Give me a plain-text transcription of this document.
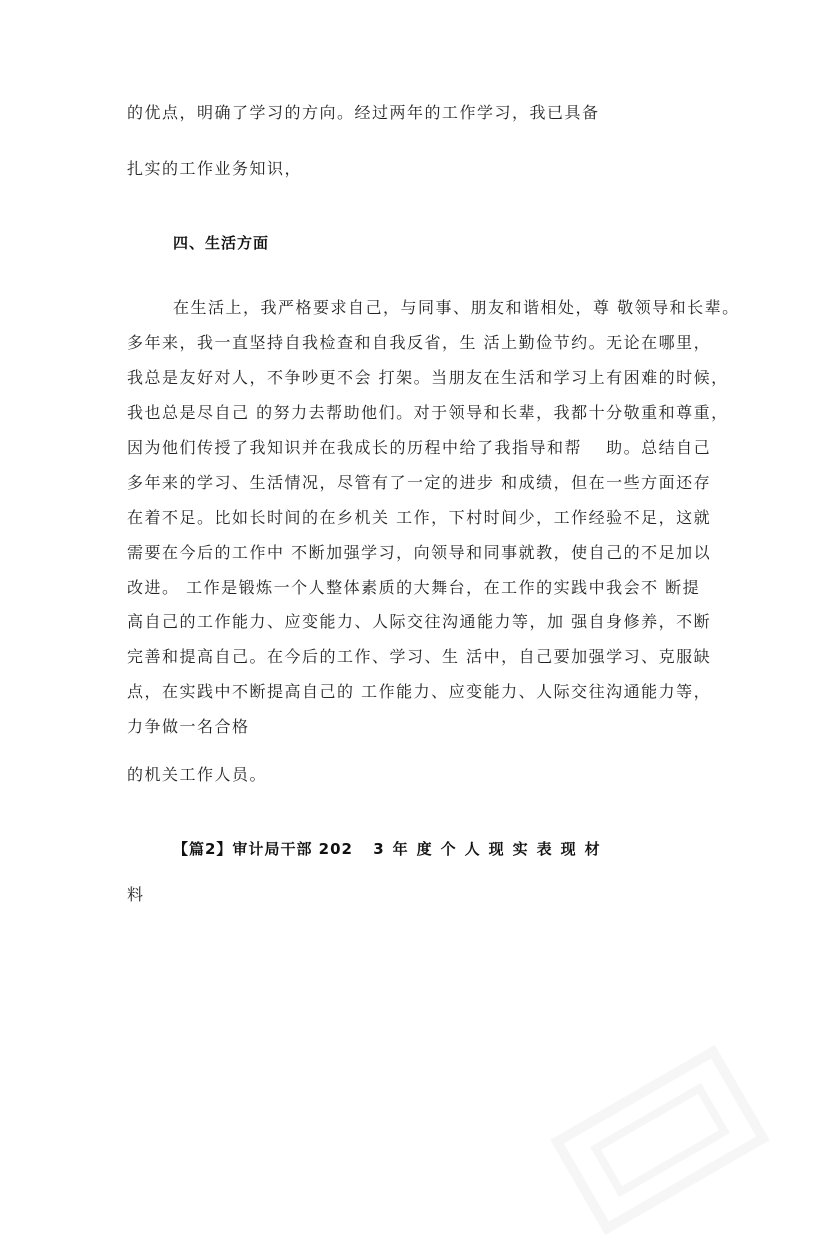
的优点，明确了学习的方向。经过两年的工作学习，我已具备
扎实的工作业务知识，
四、生活方面
在生活上，我严格要求自己，与同事、朋友和谐相处，尊 敬领导和长辈。
多年来，我一直坚持自我检查和自我反省，生 活上勤俭节约。无论在哪里，
我总是友好对人，不争吵更不会 打架。当朋友在生活和学习上有困难的时候，
我也总是尽自己 的努力去帮助他们。对于领导和长辈，我都十分敬重和尊重，
因为他们传授了我知识并在我成长的历程中给了我指导和帮　 助。总结自己
多年来的学习、生活情况，尽管有了一定的进步 和成绩，但在一些方面还存
在着不足。比如长时间的在乡机关 工作，下村时间少，工作经验不足，这就
需要在今后的工作中 不断加强学习，向领导和同事就教，使自己的不足加以
改进。 工作是锻炼一个人整体素质的大舞台，在工作的实践中我会不 断提
高自己的工作能力、应变能力、人际交往沟通能力等，加 强自身修养，不断
完善和提高自己。在今后的工作、学习、生 活中，自己要加强学习、克服缺
点，在实践中不断提高自己的 工作能力、应变能力、人际交往沟通能力等，
力争做一名合格
的机关工作人员。
【篇2】审计局干部 202 3年度个人现实表现材
料
